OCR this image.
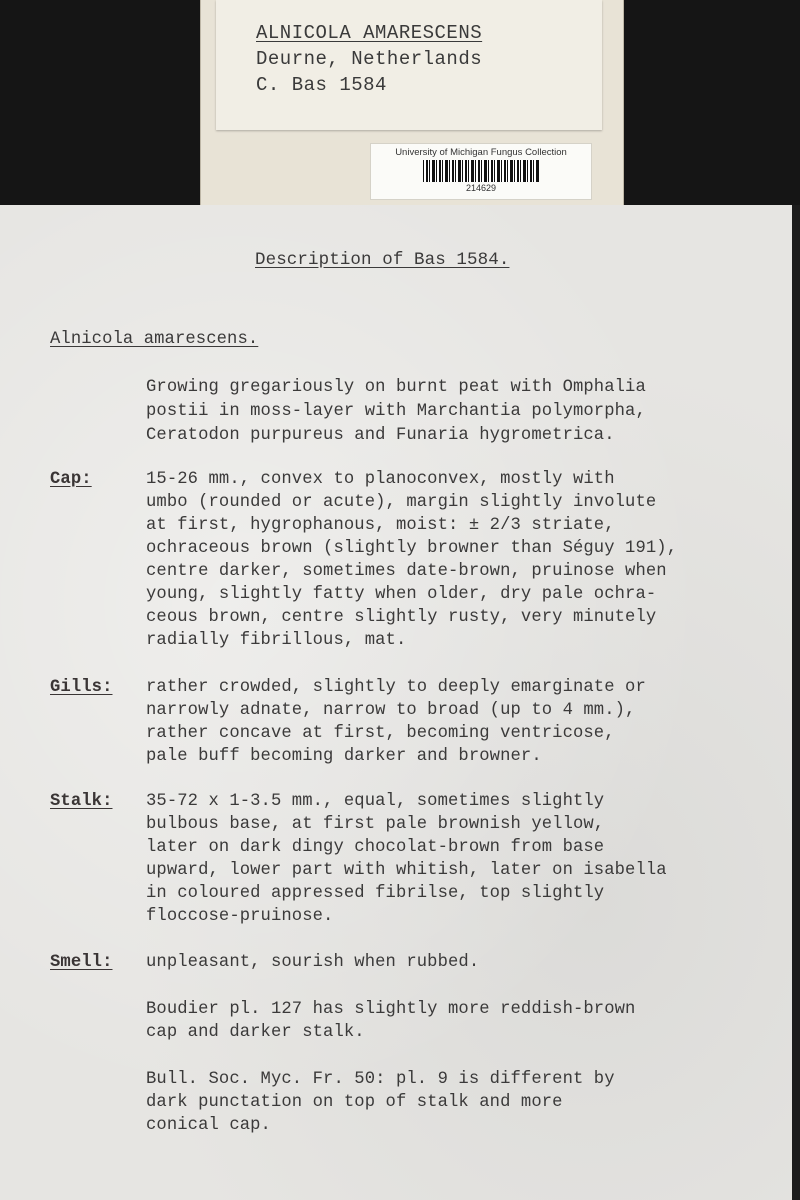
ALNICOLA AMARESCENS
Deurne, Netherlands
C. Bas 1584
University of Michigan Fungus Collection
214629
Description of Bas 1584.
Alnicola amarescens.
Growing gregariously on burnt peat with Omphalia
postii in moss-layer with Marchantia polymorpha,
Ceratodon purpureus and Funaria hygrometrica.
Cap:	15-26 mm., convex to planoconvex, mostly with
umbo (rounded or acute), margin slightly involute
at first, hygrophanous, moist: ± 2/3 striate,
ochraceous brown (slightly browner than Séguy 191),
centre darker, sometimes date-brown, pruinose when
young, slightly fatty when older, dry pale ochra-
ceous brown, centre slightly rusty, very minutely
radially fibrillous, mat.
Gills: rather crowded, slightly to deeply emarginate or
narrowly adnate, narrow to broad (up to 4 mm.),
rather concave at first, becoming ventricose,
pale buff becoming darker and browner.
Stalk: 35-72 x 1-3.5 mm., equal, sometimes slightly
bulbous base, at first pale brownish yellow,
later on dark dingy chocolat-brown from base
upward, lower part with whitish, later on isabella
in coloured appressed fibrilse, top slightly
floccose-pruinose.
Smell: unpleasant, sourish when rubbed.
Boudier pl. 127 has slightly more reddish-brown
cap and darker stalk.
Bull. Soc. Myc. Fr. 50: pl. 9 is different by
dark punctation on top of stalk and more
conical cap.
